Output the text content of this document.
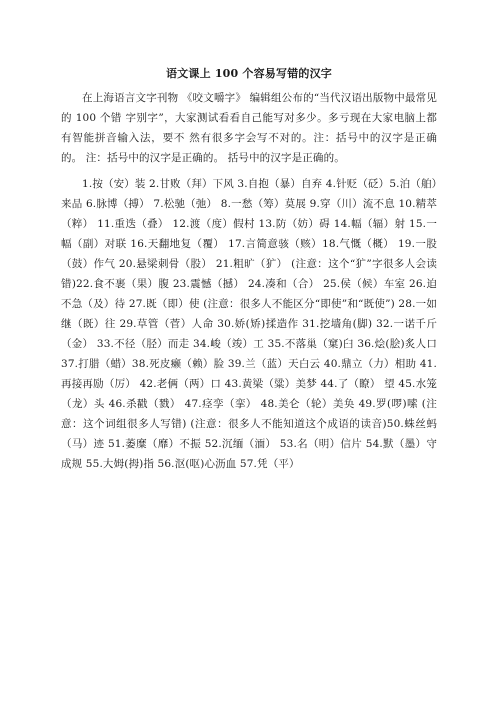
语文课上 100 个容易写错的汉字

在上海语言文字刊物 《咬文嚼字》 编辑组公布的“当代汉语出版物中最常见的 100 个错 字别字”，大家测试看看自己能写对多少。多亏现在大家电脑上都有智能拼音输入法，要不 然有很多字会写不对的。注：括号中的汉字是正确的。 注：括号中的汉字是正确的。 括号中的汉字是正确的。

1.按（安）装 2.甘败（拜）下风 3.自抱（暴）自弃 4.针贬（砭）5.泊（舶）来品 6.脉博（搏） 7.松驰（弛） 8.一愁（筹）莫展 9.穿（川）流不息 10.精萃（粹） 11.重迭（叠） 12.渡（度）假村 13.防（妨）碍 14.幅（辐）射 15.一幅（副）对联 16.天翻地复（覆） 17.言简意骇（赅）18.气慨（概） 19.一股（鼓）作气 20.悬梁刺骨（股） 21.粗旷（犷） (注意：这个“犷”字很多人会读错)22.食不裹（果）腹 23.震憾（撼） 24.凑和（合） 25.侯（候）车室 26.迫不急（及）待 27.既（即）使 (注意：很多人不能区分“即使”和“既使”) 28.一如继（既）往 29.草管（菅）人命 30.娇(矫)揉造作 31.挖墙角(脚) 32.一诺千斤（金） 33.不径（胫）而走 34.峻（竣）工 35.不落巢（窠)臼 36.烩(脍)炙人口 37.打腊（蜡）38.死皮癞（赖）脸 39.兰（蓝）天白云 40.鼎立（力）相助 41.再接再励（厉） 42.老俩（两）口 43.黄梁（粱）美梦 44.了（瞭） 望 45.水笼（龙）头 46.杀戳（戮） 47.痉孪（挛） 48.美仑（轮）美奂 49.罗(啰)嗦 (注意：这个词组很多人写错) (注意：很多人不能知道这个成语的读音)50.蛛丝蚂（马）迹 51.萎糜（靡）不振 52.沉缅（湎） 53.名（明）信片 54.默（墨）守成规 55.大姆(拇)指 56.沤(呕)心沥血 57.凭（平）
